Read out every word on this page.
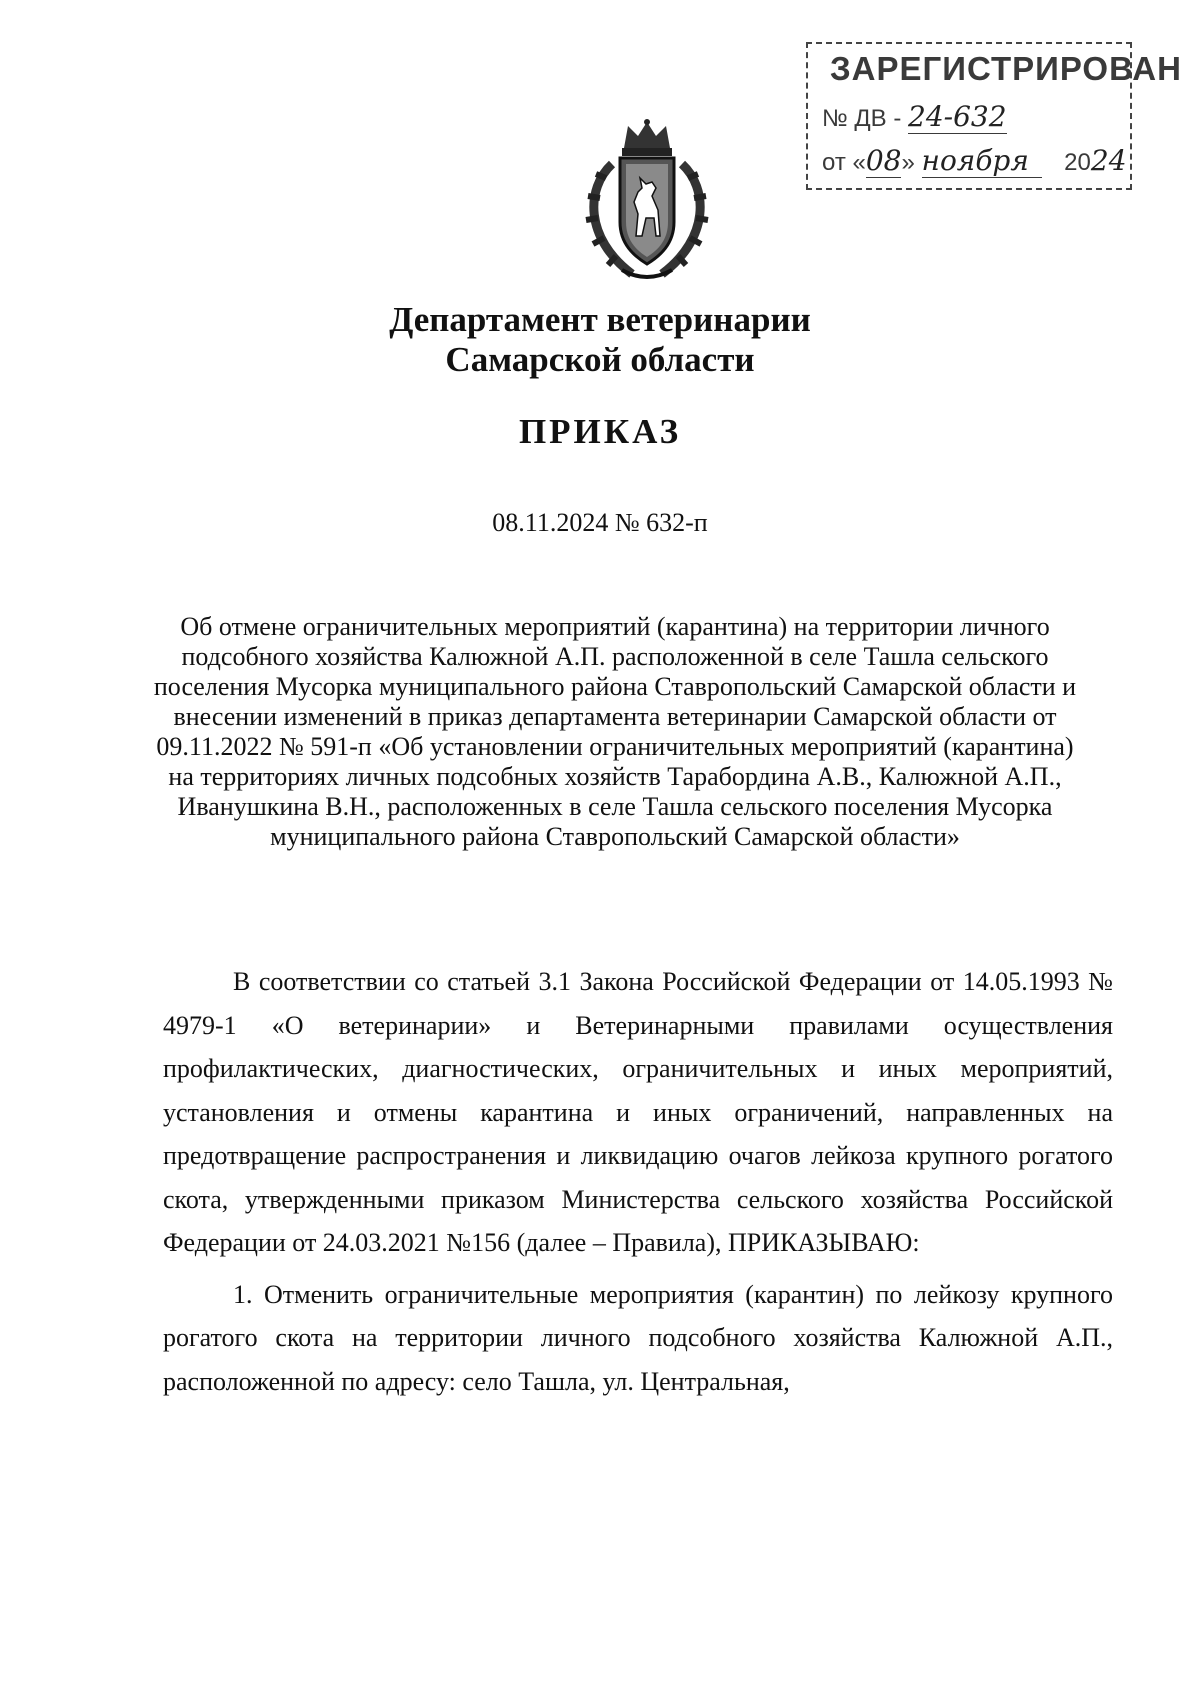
ЗАРЕГИСТРИРОВАН
№ ДВ - 24-632
от «08» ноября 2024
Департамент ветеринарии
Самарской области
ПРИКАЗ
08.11.2024 № 632-п
Об отмене ограничительных мероприятий (карантина) на территории личного подсобного хозяйства Калюжной А.П. расположенной в селе Ташла сельского поселения Мусорка муниципального района Ставропольский Самарской области и внесении изменений в приказ департамента ветеринарии Самарской области от 09.11.2022 № 591-п «Об установлении ограничительных мероприятий (карантина) на территориях личных подсобных хозяйств Тарабордина А.В., Калюжной А.П., Иванушкина В.Н., расположенных в селе Ташла сельского поселения Мусорка муниципального района Ставропольский Самарской области»

В соответствии со статьей 3.1 Закона Российской Федерации от 14.05.1993 № 4979-1 «О ветеринарии» и Ветеринарными правилами осуществления профилактических, диагностических, ограничительных и иных мероприятий, установления и отмены карантина и иных ограничений, направленных на предотвращение распространения и ликвидацию очагов лейкоза крупного рогатого скота, утвержденными приказом Министерства сельского хозяйства Российской Федерации от 24.03.2021 №156 (далее – Правила), ПРИКАЗЫВАЮ:

1. Отменить ограничительные мероприятия (карантин) по лейкозу крупного рогатого скота на территории личного подсобного хозяйства Калюжной А.П., расположенной по адресу: село Ташла, ул. Центральная,
